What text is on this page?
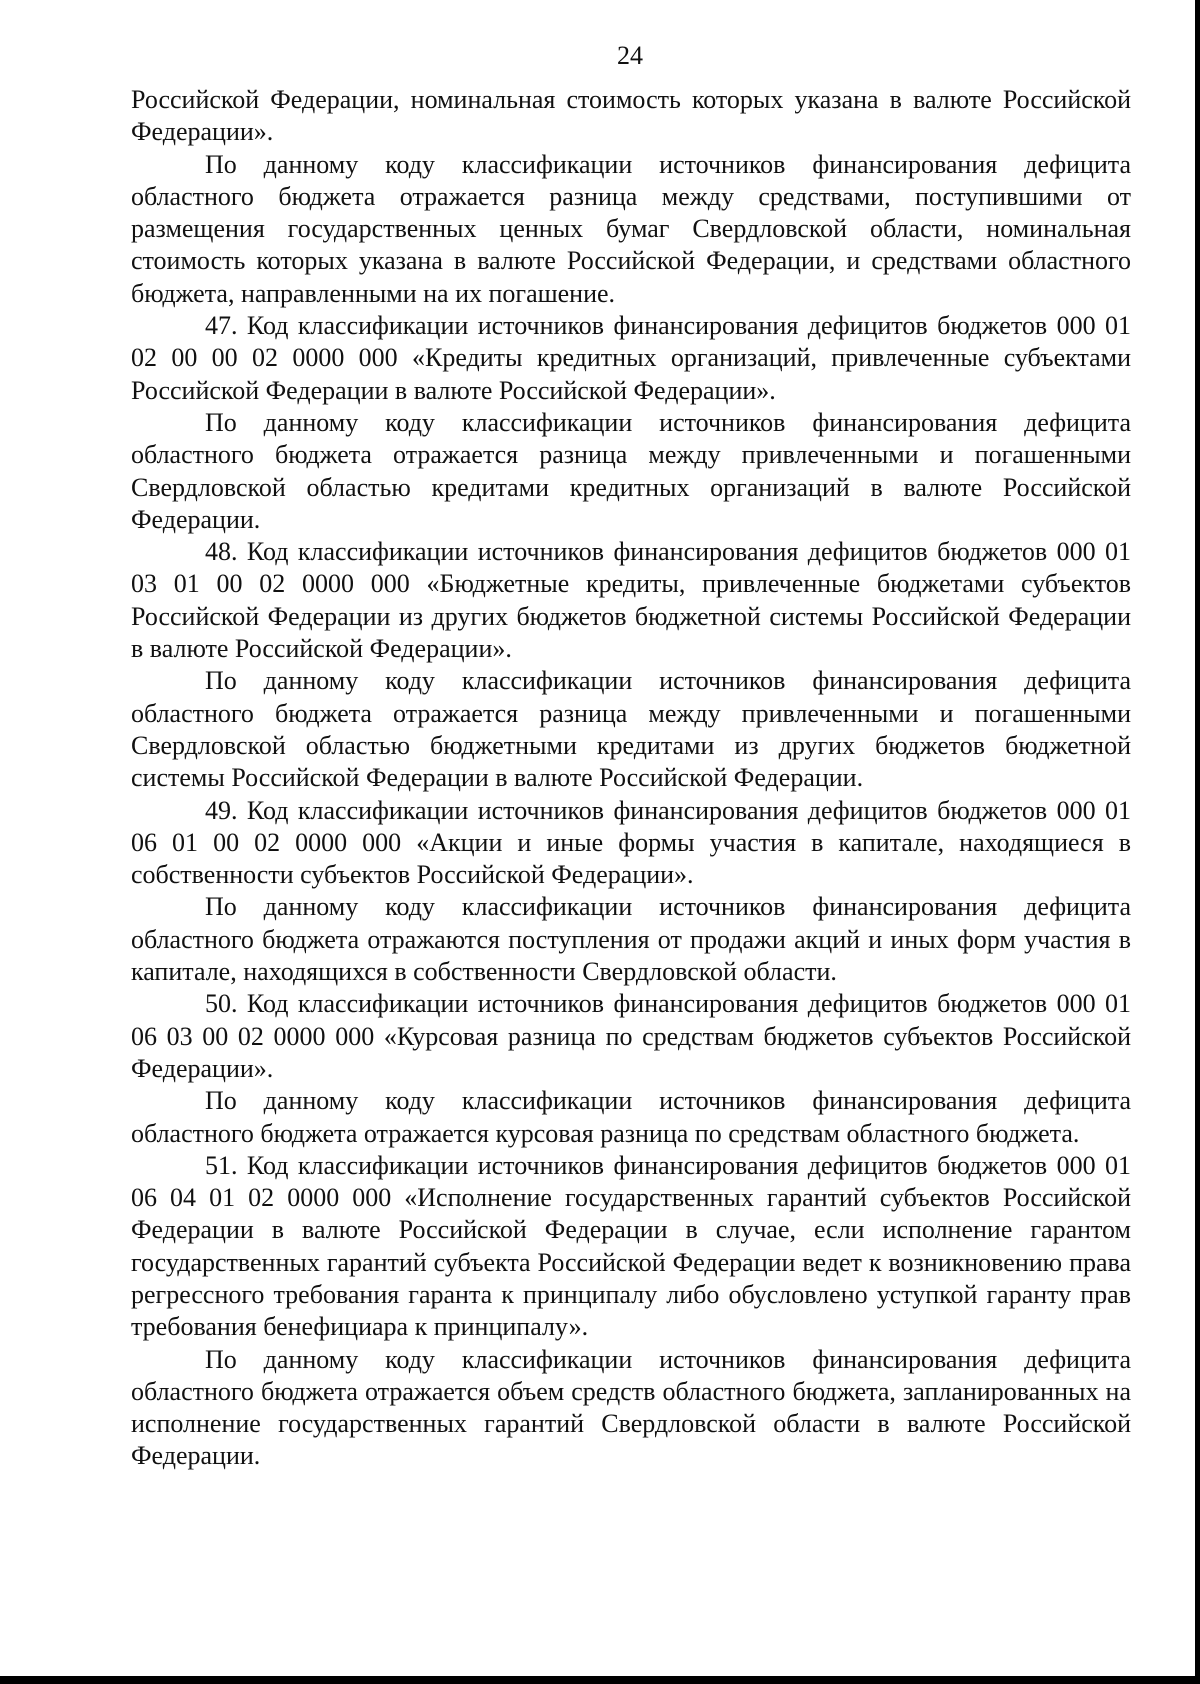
24

Российской Федерации, номинальная стоимость которых указана в валюте Российской Федерации».

По данному коду классификации источников финансирования дефицита областного бюджета отражается разница между средствами, поступившими от размещения государственных ценных бумаг Свердловской области, номинальная стоимость которых указана в валюте Российской Федерации, и средствами областного бюджета, направленными на их погашение.

47. Код классификации источников финансирования дефицитов бюджетов 000 01 02 00 00 02 0000 000 «Кредиты кредитных организаций, привлеченные субъектами Российской Федерации в валюте Российской Федерации».

По данному коду классификации источников финансирования дефицита областного бюджета отражается разница между привлеченными и погашенными Свердловской областью кредитами кредитных организаций в валюте Российской Федерации.

48. Код классификации источников финансирования дефицитов бюджетов 000 01 03 01 00 02 0000 000 «Бюджетные кредиты, привлеченные бюджетами субъектов Российской Федерации из других бюджетов бюджетной системы Российской Федерации в валюте Российской Федерации».

По данному коду классификации источников финансирования дефицита областного бюджета отражается разница между привлеченными и погашенными Свердловской областью бюджетными кредитами из других бюджетов бюджетной системы Российской Федерации в валюте Российской Федерации.

49. Код классификации источников финансирования дефицитов бюджетов 000 01 06 01 00 02 0000 000 «Акции и иные формы участия в капитале, находящиеся в собственности субъектов Российской Федерации».

По данному коду классификации источников финансирования дефицита областного бюджета отражаются поступления от продажи акций и иных форм участия в капитале, находящихся в собственности Свердловской области.

50. Код классификации источников финансирования дефицитов бюджетов 000 01 06 03 00 02 0000 000 «Курсовая разница по средствам бюджетов субъектов Российской Федерации».

По данному коду классификации источников финансирования дефицита областного бюджета отражается курсовая разница по средствам областного бюджета.

51. Код классификации источников финансирования дефицитов бюджетов 000 01 06 04 01 02 0000 000 «Исполнение государственных гарантий субъектов Российской Федерации в валюте Российской Федерации в случае, если исполнение гарантом государственных гарантий субъекта Российской Федерации ведет к возникновению права регрессного требования гаранта к принципалу либо обусловлено уступкой гаранту прав требования бенефициара к принципалу».

По данному коду классификации источников финансирования дефицита областного бюджета отражается объем средств областного бюджета, запланированных на исполнение государственных гарантий Свердловской области в валюте Российской Федерации.
